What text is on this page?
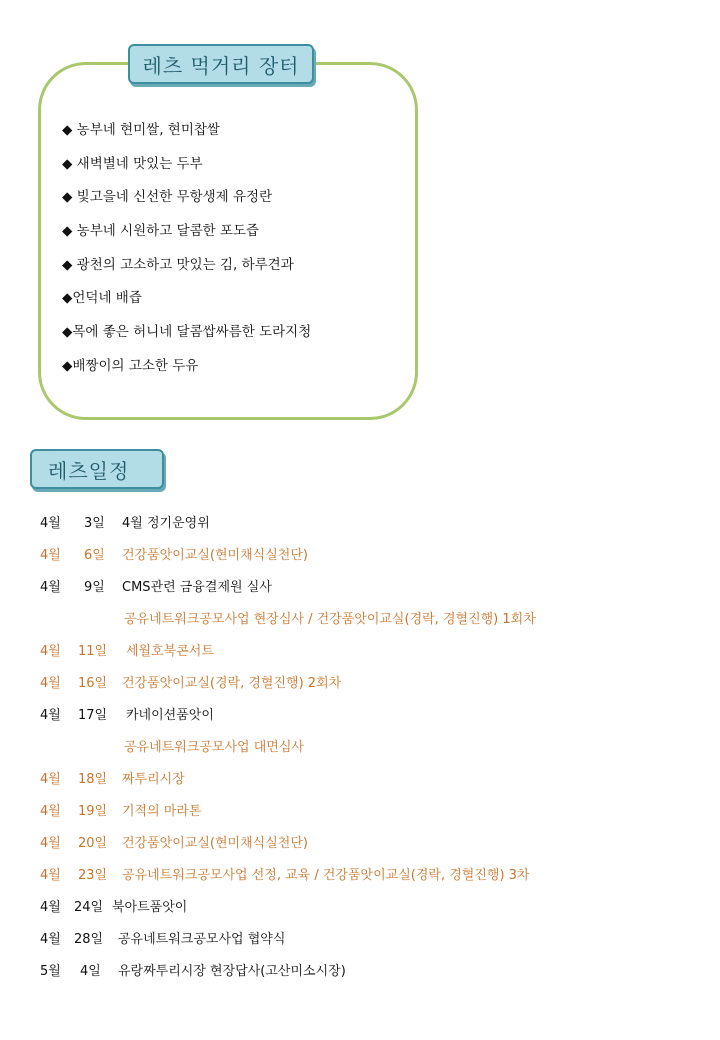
레츠 먹거리 장터
◆ 농부네 현미쌀, 현미찹쌀
◆ 새벽별네 맛있는 두부
◆ 빛고을네 신선한 무항생제 유정란
◆ 농부네 시원하고 달콤한 포도즙
◆ 광천의 고소하고 맛있는 김, 하루견과
◆언덕네 배즙
◆목에 좋은 허니네 달콤쌉싸름한 도라지청
◆배짱이의 고소한 두유
레츠일정
4월 3일 4월 정기운영위
4월 6일 건강품앗이교실(현미채식실천단)
4월 9일 CMS관련 금융결제원 실사
공유네트워크공모사업 현장심사 / 건강품앗이교실(경락, 경혈진행) 1회차
4월 11일 세월호북콘서트
4월 16일 건강품앗이교실(경락, 경혈진행) 2회차
4월 17일 카네이션품앗이
공유네트워크공모사업 대면심사
4월 18일 짜투리시장
4월 19일 기적의 마라톤
4월 20일 건강품앗이교실(현미채식실천단)
4월 23일 공유네트워크공모사업 선정, 교육 / 건강품앗이교실(경락, 경혈진행) 3차
4월 24일 북아트품앗이
4월 28일 공유네트워크공모사업 협약식
5월 4일 유랑짜투리시장 현장답사(고산미소시장)
